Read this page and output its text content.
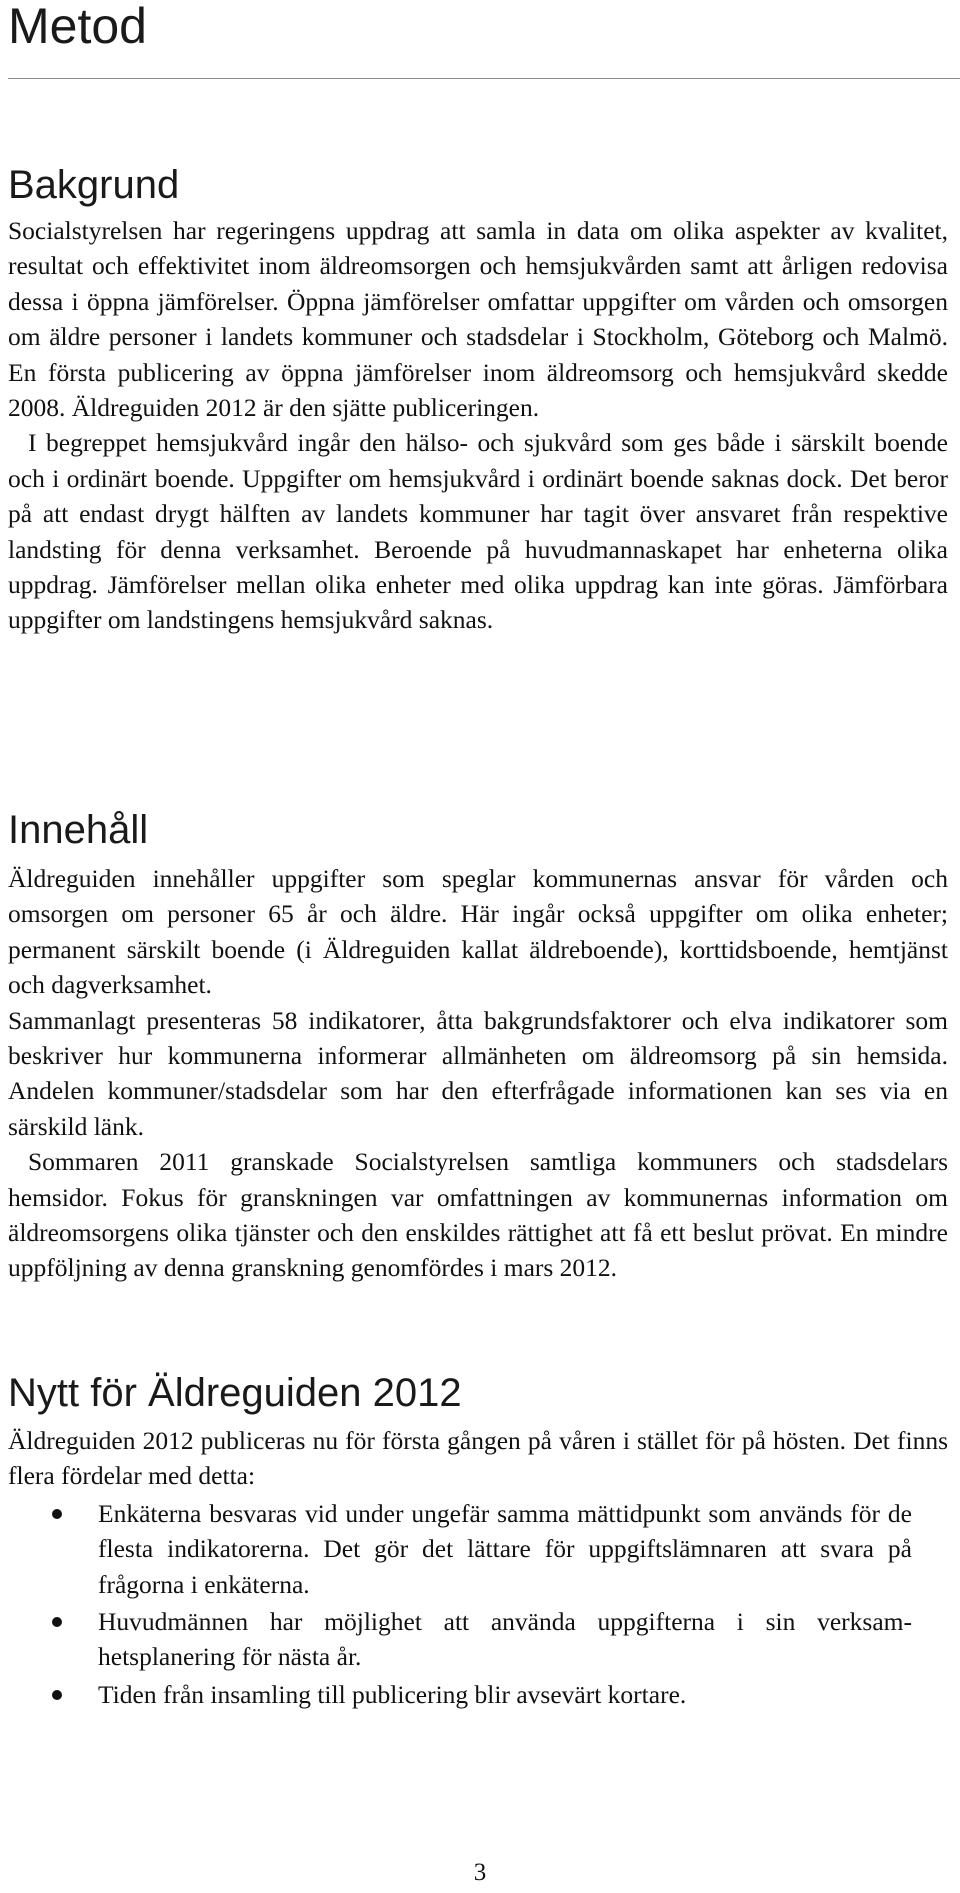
Metod
Bakgrund

Socialstyrelsen har regeringens uppdrag att samla in data om olika aspekter av kvalitet, resultat och effektivitet inom äldreomsorgen och hemsjukvården samt att årligen redovisa dessa i öppna jämförelser. Öppna jämförelser omfattar uppgifter om vården och omsorgen om äldre personer i landets kommuner och stadsdelar i Stockholm, Göteborg och Malmö. En första publicering av öppna jämförelser inom äldreomsorg och hemsjukvård skedde 2008. Äldreguiden 2012 är den sjätte publiceringen.

I begreppet hemsjukvård ingår den hälso- och sjukvård som ges både i särskilt boende och i ordinärt boende. Uppgifter om hemsjukvård i ordinärt boende saknas dock. Det beror på att endast drygt hälften av landets kommuner har tagit över ansvaret från respektive landsting för denna verksamhet. Beroende på huvudmannaskapet har enheterna olika uppdrag. Jämförelser mellan olika enheter med olika uppdrag kan inte göras. Jämförbara uppgifter om landstingens hemsjukvård saknas.

Innehåll

Äldreguiden innehåller uppgifter som speglar kommunernas ansvar för vården och omsorgen om personer 65 år och äldre. Här ingår också uppgifter om olika enheter; permanent särskilt boende (i Äldreguiden kallat äldreboende), korttidsboende, hemtjänst och dagverksamhet.

Sammanlagt presenteras 58 indikatorer, åtta bakgrundsfaktorer och elva indikatorer som beskriver hur kommunerna informerar allmänheten om äldreomsorg på sin hemsida. Andelen kommuner/stadsdelar som har den efterfrågade informationen kan ses via en särskild länk.

Sommaren 2011 granskade Socialstyrelsen samtliga kommuners och stadsdelars hemsidor. Fokus för granskningen var omfattningen av kommunernas information om äldreomsorgens olika tjänster och den enskildes rättighet att få ett beslut prövat. En mindre uppföljning av denna granskning genomfördes i mars 2012.

Nytt för Äldreguiden 2012

Äldreguiden 2012 publiceras nu för första gången på våren i stället för på hösten. Det finns flera fördelar med detta:

Enkäterna besvaras vid under ungefär samma mättidpunkt som används för de flesta indikatorerna. Det gör det lättare för uppgiftslämnaren att svara på frågorna i enkäterna.
Huvudmännen har möjlighet att använda uppgifterna i sin verksamhetsplanering för nästa år.
Tiden från insamling till publicering blir avsevärt kortare.
3
